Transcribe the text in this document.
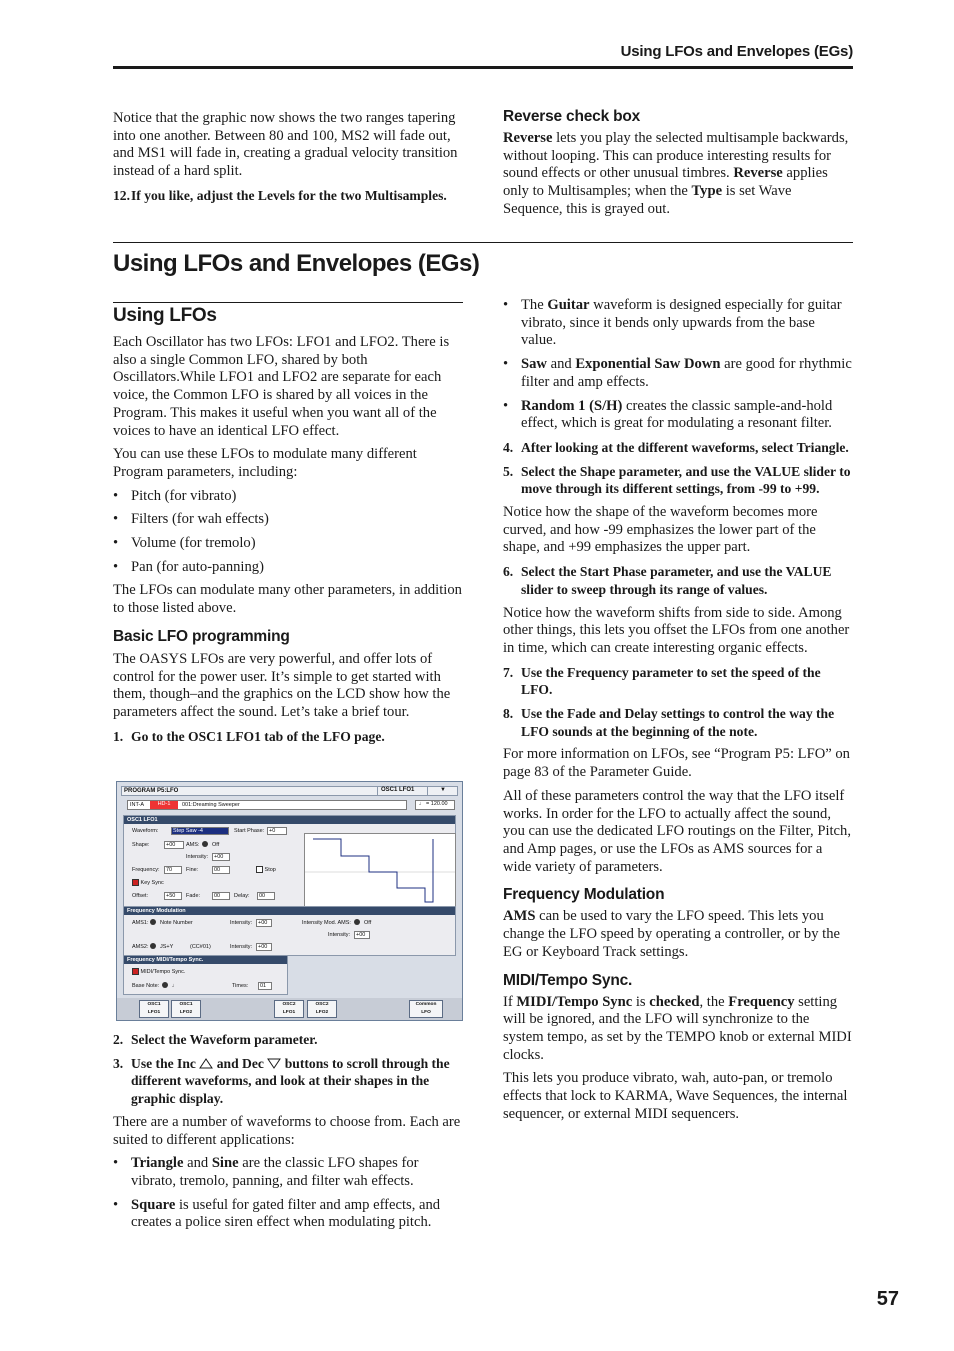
Using LFOs and Envelopes (EGs)

Notice that the graphic now shows the two ranges tapering into one another. Between 80 and 100, MS2 will fade out, and MS1 will fade in, creating a gradual velocity transition instead of a hard split.

12. If you like, adjust the Levels for the two Multisamples.
Reverse check box

Reverse lets you play the selected multisample backwards, without looping. This can produce interesting results for sound effects or other unusual timbres. Reverse applies only to Multisamples; when the Type is set Wave Sequence, this is grayed out.

Using LFOs and Envelopes (EGs)
Using LFOs

Each Oscillator has two LFOs: LFO1 and LFO2. There is also a single Common LFO, shared by both Oscillators.While LFO1 and LFO2 are separate for each voice, the Common LFO is shared by all voices in the Program. This makes it useful when you want all of the voices to have an identical LFO effect.

You can use these LFOs to modulate many different Program parameters, including:

• Pitch (for vibrato)
• Filters (for wah effects)
• Volume (for tremolo)
• Pan (for auto-panning)

The LFOs can modulate many other parameters, in addition to those listed above.

Basic LFO programming

The OASYS LFOs are very powerful, and offer lots of control for the power user. It’s simple to get started with them, though–and the graphics on the LCD show how the parameters affect the sound. Let’s take a brief tour.

1. Go to the OSC1 LFO1 tab of the LFO page.
PROGRAM P5:LFO	OSC1 LFO1	▼
INT-A	HD-1	001:Dreaming Sweeper	♩ = 120.00
OSC1 LFO1
Waveform:	Step Saw -4	Start Phase: +0
Shape:	+00	AMS: Off
Intensity:	+00
Frequency:	70	Fine:	00	Stop
Key Sync
Offset:	+50	Fade:	00	Delay:	00
Frequency Modulation
AMS1: Note Number	Intensity:	+00	Intensity Mod. AMS: Off
Intensity:	+00
AMS2: JS+Y	(CC#01)	Intensity:	+00
Frequency MIDI/Tempo Sync.
MIDI/Tempo Sync.
Base Note: ♩	Times:	01
OSC1
LFO1
OSC1
LFO2
OSC2
LFO1
OSC2
LFO2
Common
LFO
2. Select the Waveform parameter.
3. Use the Inc  and Dec  buttons to scroll through the different waveforms, and look at their shapes in the graphic display.

There are a number of waveforms to choose from. Each are suited to different applications:

• Triangle and Sine are the classic LFO shapes for vibrato, tremolo, panning, and filter wah effects.
• Square is useful for gated filter and amp effects, and creates a police siren effect when modulating pitch.
• The Guitar waveform is designed especially for guitar vibrato, since it bends only upwards from the base value.
• Saw and Exponential Saw Down are good for rhythmic filter and amp effects.
• Random 1 (S/H) creates the classic sample-and-hold effect, which is great for modulating a resonant filter.
4. After looking at the different waveforms, select Triangle.
5. Select the Shape parameter, and use the VALUE slider to move through its different settings, from -99 to +99.

Notice how the shape of the waveform becomes more curved, and how -99 emphasizes the lower part of the shape, and +99 emphasizes the upper part.

6. Select the Start Phase parameter, and use the VALUE slider to sweep through its range of values.

Notice how the waveform shifts from side to side. Among other things, this lets you offset the LFOs from one another in time, which can create interesting organic effects.

7. Use the Frequency parameter to set the speed of the LFO.
8. Use the Fade and Delay settings to control the way the LFO sounds at the beginning of the note.

For more information on LFOs, see “Program P5: LFO” on page 83 of the Parameter Guide.

All of these parameters control the way that the LFO itself works. In order for the LFO to actually affect the sound, you can use the dedicated LFO routings on the Filter, Pitch, and Amp pages, or use the LFOs as AMS sources for a wide variety of parameters.

Frequency Modulation

AMS can be used to vary the LFO speed. This lets you change the LFO speed by operating a controller, or by the EG or Keyboard Track settings.

MIDI/Tempo Sync.

If MIDI/Tempo Sync is checked, the Frequency setting will be ignored, and the LFO will synchronize to the system tempo, as set by the TEMPO knob or external MIDI clocks.

This lets you produce vibrato, wah, auto-pan, or tremolo effects that lock to KARMA, Wave Sequences, the internal sequencer, or external MIDI sequencers.

57
